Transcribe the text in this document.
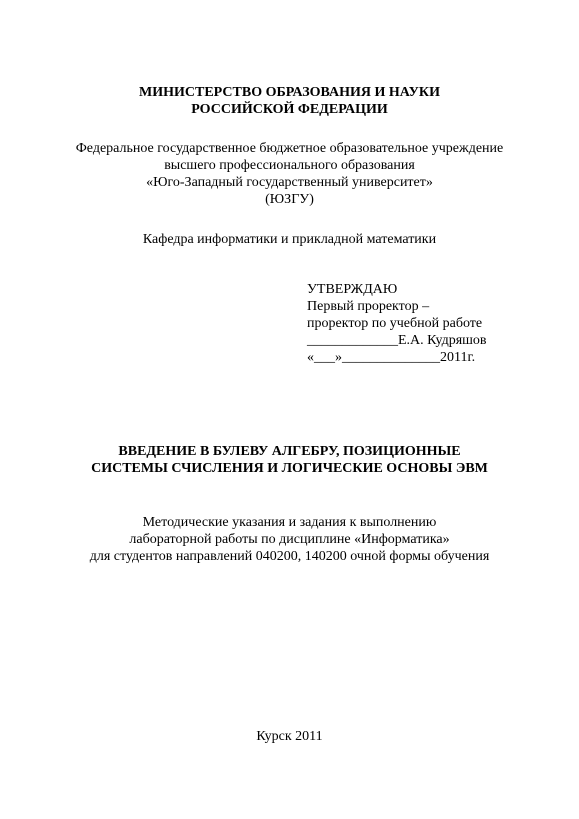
МИНИСТЕРСТВО ОБРАЗОВАНИЯ И НАУКИ
РОССИЙСКОЙ ФЕДЕРАЦИИ
Федеральное государственное бюджетное образовательное учреждение
высшего профессионального образования
«Юго-Западный государственный университет»
(ЮЗГУ)
Кафедра информатики и прикладной математики
УТВЕРЖДАЮ
Первый проректор –
проректор по учебной работе
_____________Е.А. Кудряшов
«___»______________2011г.
ВВЕДЕНИЕ В БУЛЕВУ АЛГЕБРУ, ПОЗИЦИОННЫЕ
СИСТЕМЫ СЧИСЛЕНИЯ И ЛОГИЧЕСКИЕ ОСНОВЫ ЭВМ
Методические указания и задания к выполнению
лабораторной работы по дисциплине «Информатика»
для студентов направлений 040200, 140200 очной формы обучения
Курск 2011
